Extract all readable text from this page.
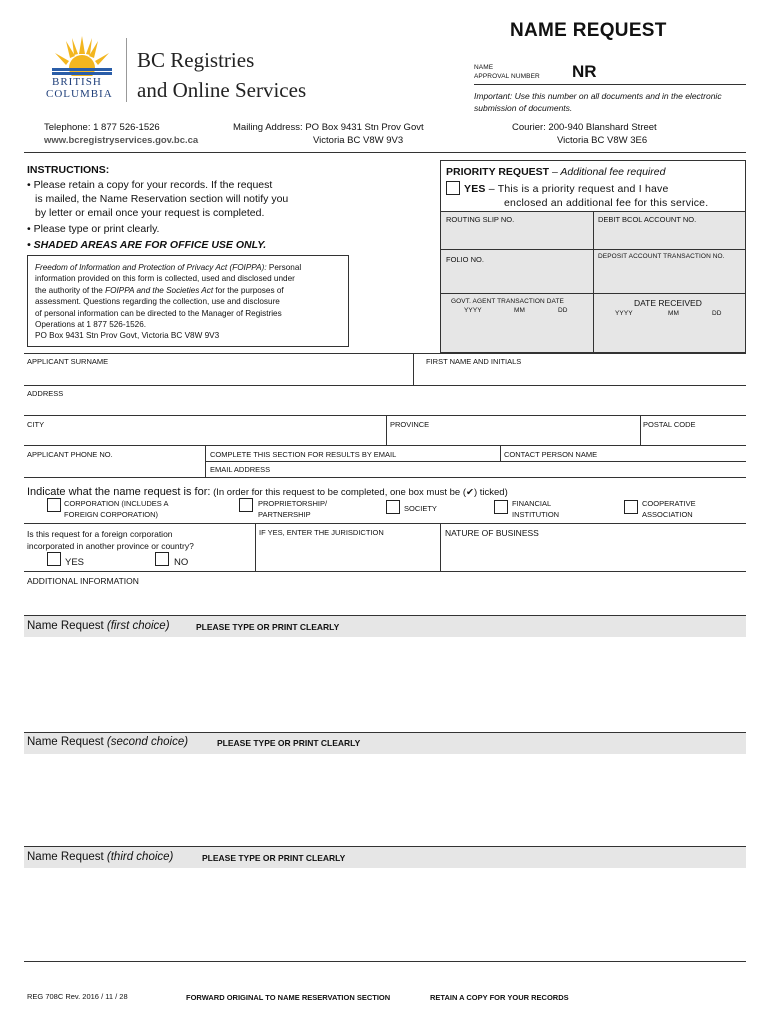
BRITISH
COLUMBIA
BC Registries
and Online Services
NAME REQUEST
NAME
APPROVAL NUMBER NR
Important: Use this number on all documents and in the electronic submission of documents.
Telephone: 1 877 526-1526
www.bcregistryservices.gov.bc.ca
Mailing Address: PO Box 9431 Stn Prov Govt
Victoria BC V8W 9V3
Courier: 200-940 Blanshard Street
Victoria BC V8W 3E6
INSTRUCTIONS:
• Please retain a copy for your records. If the request
is mailed, the Name Reservation section will notify you
by letter or email once your request is completed.
• Please type or print clearly.
• SHADED AREAS ARE FOR OFFICE USE ONLY.
Freedom of Information and Protection of Privacy Act (FOIPPA): Personal
information provided on this form is collected, used and disclosed under
the authority of the FOIPPA and the Societies Act for the purposes of
assessment. Questions regarding the collection, use and disclosure
of personal information can be directed to the Manager of Registries
Operations at 1 877 526-1526.
PO Box 9431 Stn Prov Govt, Victoria BC V8W 9V3
PRIORITY REQUEST – Additional fee required
YES – This is a priority request and I have
enclosed an additional fee for this service.
ROUTING SLIP NO.	DEBIT BCOL ACCOUNT NO.
FOLIO NO.	DEPOSIT ACCOUNT TRANSACTION NO.
GOVT. AGENT TRANSACTION DATE
YYYY	MM	DD
DATE RECEIVED
YYYY	MM	DD
APPLICANT SURNAME	FIRST NAME AND INITIALS
ADDRESS
CITY	PROVINCE	POSTAL CODE
APPLICANT PHONE NO.	COMPLETE THIS SECTION FOR RESULTS BY EMAIL	CONTACT PERSON NAME
EMAIL ADDRESS
Indicate what the name request is for: (In order for this request to be completed, one box must be (✔) ticked)
CORPORATION (INCLUDES A
FOREIGN CORPORATION)
PROPRIETORSHIP/
PARTNERSHIP
SOCIETY
FINANCIAL
INSTITUTION
COOPERATIVE
ASSOCIATION
Is this request for a foreign corporation
incorporated in another province or country?
YES	NO
IF YES, ENTER THE JURISDICTION	NATURE OF BUSINESS
ADDITIONAL INFORMATION
Name Request (first choice)	PLEASE TYPE OR PRINT CLEARLY
Name Request (second choice)	PLEASE TYPE OR PRINT CLEARLY
Name Request (third choice)	PLEASE TYPE OR PRINT CLEARLY
REG 708C Rev. 2016 / 11 / 28	FORWARD ORIGINAL TO NAME RESERVATION SECTION	RETAIN A COPY FOR YOUR RECORDS
